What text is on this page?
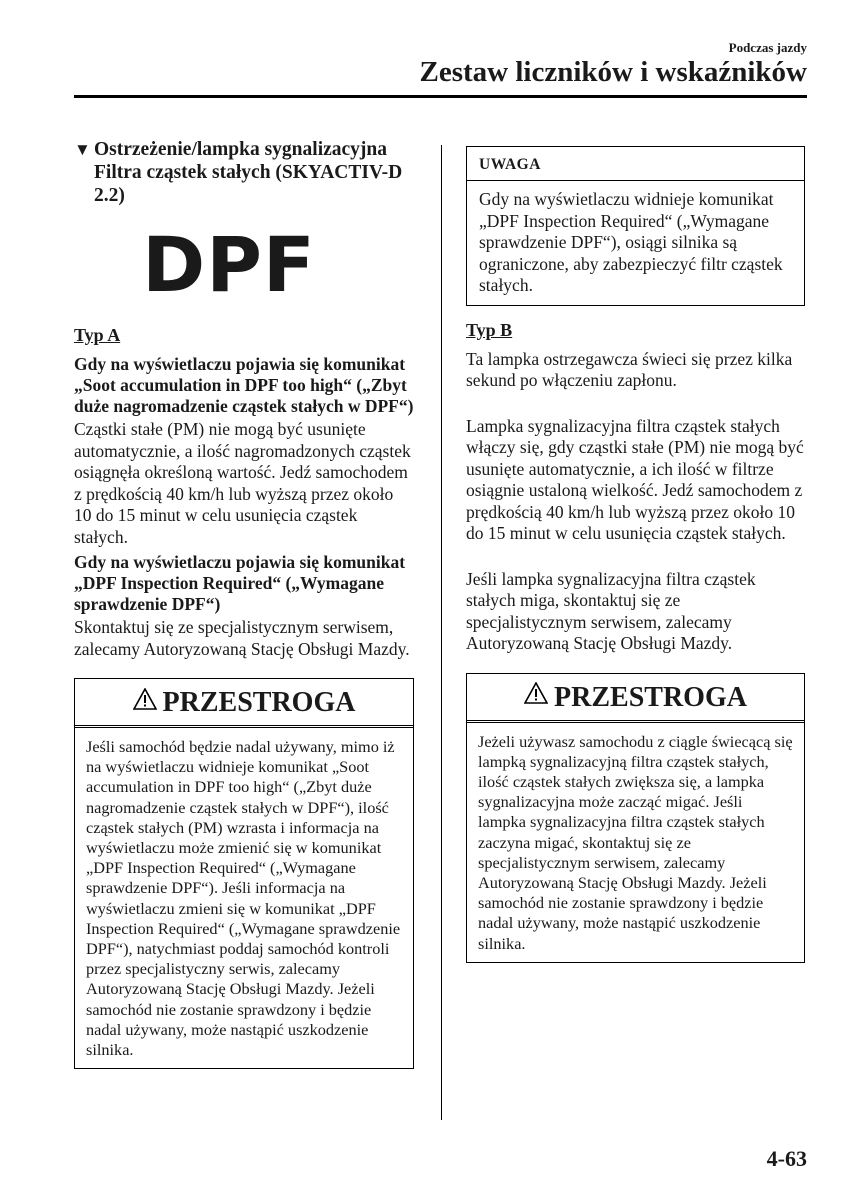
Podczas jazdy
Zestaw liczników i wskaźników
▼ Ostrzeżenie/lampka sygnalizacyjna Filtra cząstek stałych (SKYACTIV-D 2.2)
DPF
Typ A

Gdy na wyświetlaczu pojawia się komunikat „Soot accumulation in DPF too high“ („Zbyt duże nagromadzenie cząstek stałych w DPF“)

Cząstki stałe (PM) nie mogą być usunięte automatycznie, a ilość nagromadzonych cząstek osiągnęła określoną wartość. Jedź samochodem z prędkością 40 km/h lub wyższą przez około 10 do 15 minut w celu usunięcia cząstek stałych.

Gdy na wyświetlaczu pojawia się komunikat „DPF Inspection Required“ („Wymagane sprawdzenie DPF“)

Skontaktuj się ze specjalistycznym serwisem, zalecamy Autoryzowaną Stację Obsługi Mazdy.

PRZESTROGA
Jeśli samochód będzie nadal używany, mimo iż na wyświetlaczu widnieje komunikat „Soot accumulation in DPF too high“ („Zbyt duże nagromadzenie cząstek stałych w DPF“), ilość cząstek stałych (PM) wzrasta i informacja na wyświetlaczu może zmienić się w komunikat „DPF Inspection Required“ („Wymagane sprawdzenie DPF“). Jeśli informacja na wyświetlaczu zmieni się w komunikat „DPF Inspection Required“ („Wymagane sprawdzenie DPF“), natychmiast poddaj samochód kontroli przez specjalistyczny serwis, zalecamy Autoryzowaną Stację Obsługi Mazdy. Jeżeli samochód nie zostanie sprawdzony i będzie nadal używany, może nastąpić uszkodzenie silnika.
UWAGA
Gdy na wyświetlaczu widnieje komunikat „DPF Inspection Required“ („Wymagane sprawdzenie DPF“), osiągi silnika są ograniczone, aby zabezpieczyć filtr cząstek stałych.
Typ B

Ta lampka ostrzegawcza świeci się przez kilka sekund po włączeniu zapłonu.

Lampka sygnalizacyjna filtra cząstek stałych włączy się, gdy cząstki stałe (PM) nie mogą być usunięte automatycznie, a ich ilość w filtrze osiągnie ustaloną wielkość. Jedź samochodem z prędkością 40 km/h lub wyższą przez około 10 do 15 minut w celu usunięcia cząstek stałych.

Jeśli lampka sygnalizacyjna filtra cząstek stałych miga, skontaktuj się ze specjalistycznym serwisem, zalecamy Autoryzowaną Stację Obsługi Mazdy.

PRZESTROGA
Jeżeli używasz samochodu z ciągle świecącą się lampką sygnalizacyjną filtra cząstek stałych, ilość cząstek stałych zwiększa się, a lampka sygnalizacyjna może zacząć migać. Jeśli lampka sygnalizacyjna filtra cząstek stałych zaczyna migać, skontaktuj się ze specjalistycznym serwisem, zalecamy Autoryzowaną Stację Obsługi Mazdy. Jeżeli samochód nie zostanie sprawdzony i będzie nadal używany, może nastąpić uszkodzenie silnika.
4-63
